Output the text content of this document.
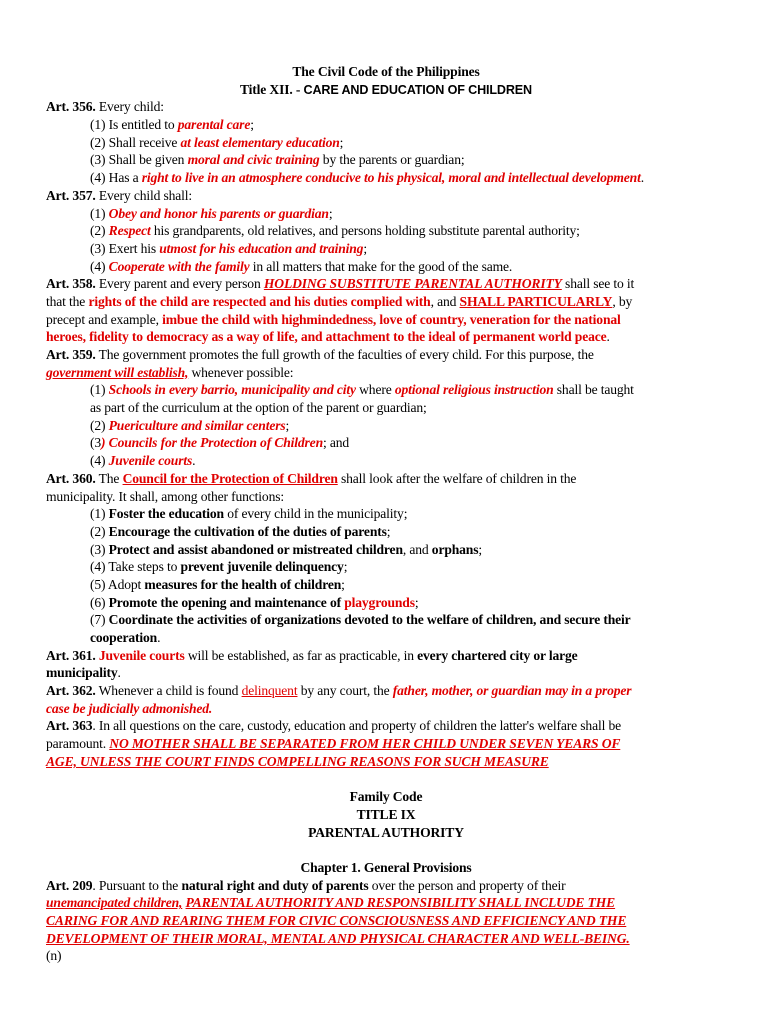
The Civil Code of the Philippines
Title XII. - CARE AND EDUCATION OF CHILDREN
Art. 356. Every child:
(1) Is entitled to parental care;
(2) Shall receive at least elementary education;
(3) Shall be given moral and civic training by the parents or guardian;
(4) Has a right to live in an atmosphere conducive to his physical, moral and intellectual development.
Art. 357. Every child shall:
(1) Obey and honor his parents or guardian;
(2) Respect his grandparents, old relatives, and persons holding substitute parental authority;
(3) Exert his utmost for his education and training;
(4) Cooperate with the family in all matters that make for the good of the same.
Art. 358. Every parent and every person HOLDING SUBSTITUTE PARENTAL AUTHORITY shall see to it
that the rights of the child are respected and his duties complied with, and SHALL PARTICULARLY, by
precept and example, imbue the child with highmindedness, love of country, veneration for the national
heroes, fidelity to democracy as a way of life, and attachment to the ideal of permanent world peace.
Art. 359. The government promotes the full growth of the faculties of every child. For this purpose, the
government will establish, whenever possible:
(1) Schools in every barrio, municipality and city where optional religious instruction shall be taught
as part of the curriculum at the option of the parent or guardian;
(2) Puericulture and similar centers;
(3) Councils for the Protection of Children; and
(4) Juvenile courts.
Art. 360. The Council for the Protection of Children shall look after the welfare of children in the
municipality. It shall, among other functions:
(1) Foster the education of every child in the municipality;
(2) Encourage the cultivation of the duties of parents;
(3) Protect and assist abandoned or mistreated children, and orphans;
(4) Take steps to prevent juvenile delinquency;
(5) Adopt measures for the health of children;
(6) Promote the opening and maintenance of playgrounds;
(7) Coordinate the activities of organizations devoted to the welfare of children, and secure their
cooperation.
Art. 361. Juvenile courts will be established, as far as practicable, in every chartered city or large
municipality.
Art. 362. Whenever a child is found delinquent by any court, the father, mother, or guardian may in a proper
case be judicially admonished.
Art. 363. In all questions on the care, custody, education and property of children the latter's welfare shall be
paramount. NO MOTHER SHALL BE SEPARATED FROM HER CHILD UNDER SEVEN YEARS OF
AGE, UNLESS THE COURT FINDS COMPELLING REASONS FOR SUCH MEASURE
Family Code
TITLE IX
PARENTAL AUTHORITY
Chapter 1. General Provisions
Art. 209. Pursuant to the natural right and duty of parents over the person and property of their
unemancipated children, PARENTAL AUTHORITY AND RESPONSIBILITY SHALL INCLUDE THE
CARING FOR AND REARING THEM FOR CIVIC CONSCIOUSNESS AND EFFICIENCY AND THE
DEVELOPMENT OF THEIR MORAL, MENTAL AND PHYSICAL CHARACTER AND WELL-BEING.
(n)
